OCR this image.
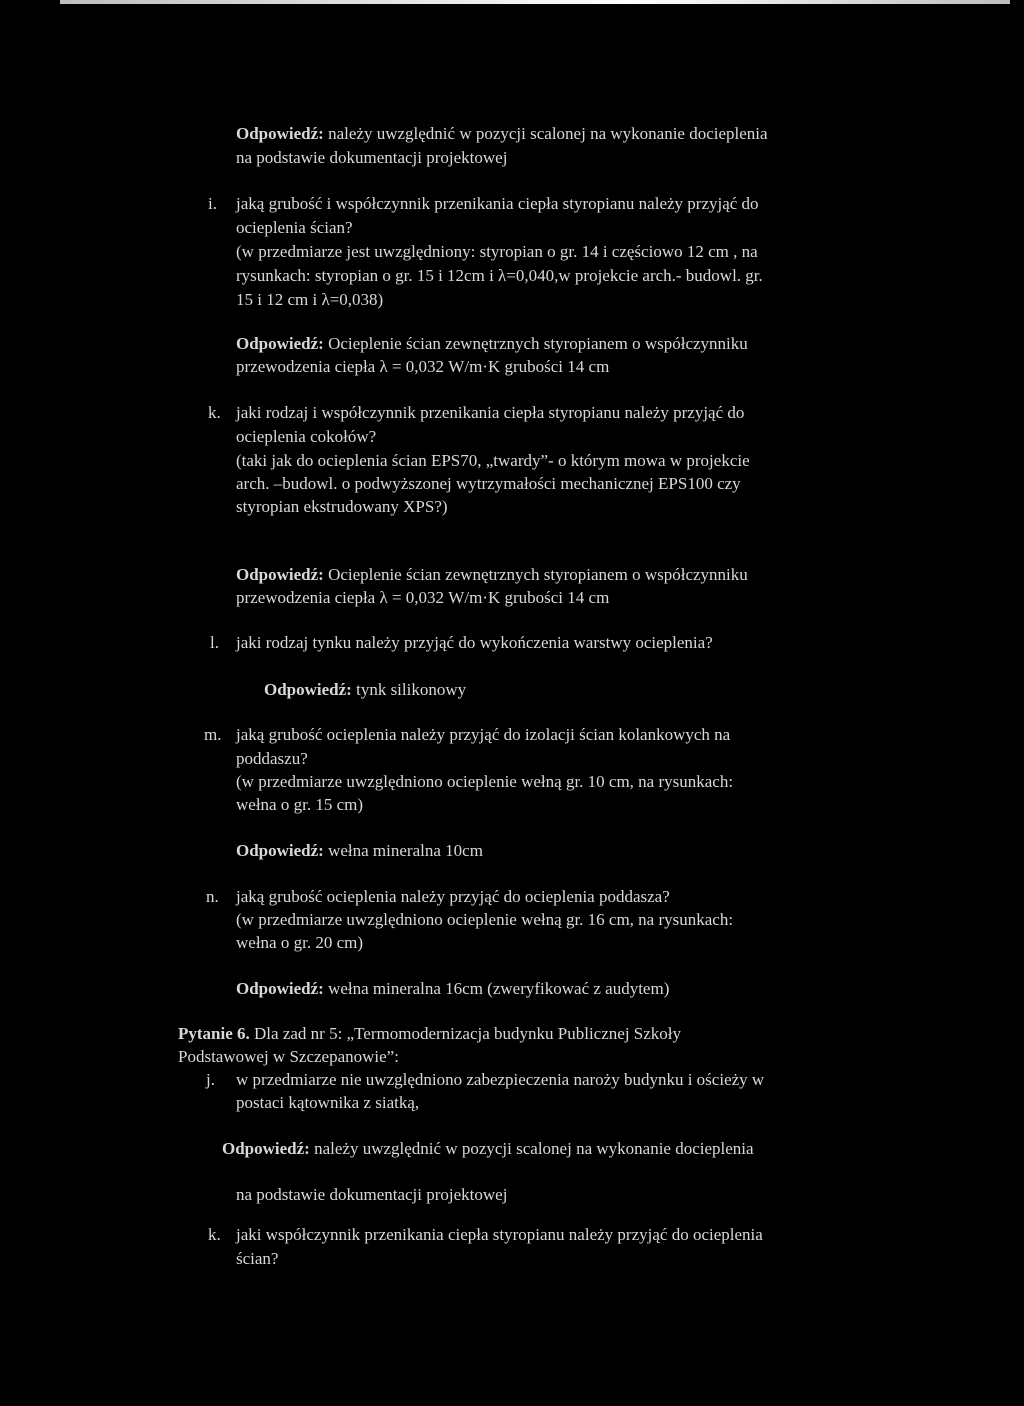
Odpowiedź: należy uwzględnić w pozycji scalonej na wykonanie docieplenia
na podstawie dokumentacji projektowej
i. jaką grubość i współczynnik przenikania ciepła styropianu należy przyjąć do
ocieplenia ścian?
(w przedmiarze jest uwzględniony: styropian o gr. 14 i częściowo 12 cm , na
rysunkach: styropian o gr. 15 i 12cm i λ=0,040,w projekcie arch.- budowl. gr.
15 i 12 cm i λ=0,038)
Odpowiedź: Ocieplenie ścian zewnętrznych styropianem o współczynniku
przewodzenia ciepła λ = 0,032 W/m·K grubości 14 cm
k. jaki rodzaj i współczynnik przenikania ciepła styropianu należy przyjąć do
ocieplenia cokołów?
(taki jak do ocieplenia ścian EPS70, „twardy”- o którym mowa w projekcie
arch. –budowl. o podwyższonej wytrzymałości mechanicznej EPS100 czy
styropian ekstrudowany XPS?)
Odpowiedź: Ocieplenie ścian zewnętrznych styropianem o współczynniku
przewodzenia ciepła λ = 0,032 W/m·K grubości 14 cm
l. jaki rodzaj tynku należy przyjąć do wykończenia warstwy ocieplenia?
Odpowiedź: tynk silikonowy
m. jaką grubość ocieplenia należy przyjąć do izolacji ścian kolankowych na
poddaszu?
(w przedmiarze uwzględniono ocieplenie wełną gr. 10 cm, na rysunkach:
wełna o gr. 15 cm)
Odpowiedź: wełna mineralna 10cm
n. jaką grubość ocieplenia należy przyjąć do ocieplenia poddasza?
(w przedmiarze uwzględniono ocieplenie wełną gr. 16 cm, na rysunkach:
wełna o gr. 20 cm)
Odpowiedź: wełna mineralna 16cm (zweryfikować z audytem)
Pytanie 6. Dla zad nr 5: „Termomodernizacja budynku Publicznej Szkoły
Podstawowej w Szczepanowie”:
j. w przedmiarze nie uwzględniono zabezpieczenia naroży budynku i ościeży w
postaci kątownika z siatką,
Odpowiedź: należy uwzględnić w pozycji scalonej na wykonanie docieplenia
na podstawie dokumentacji projektowej
k. jaki współczynnik przenikania ciepła styropianu należy przyjąć do ocieplenia
ścian?
